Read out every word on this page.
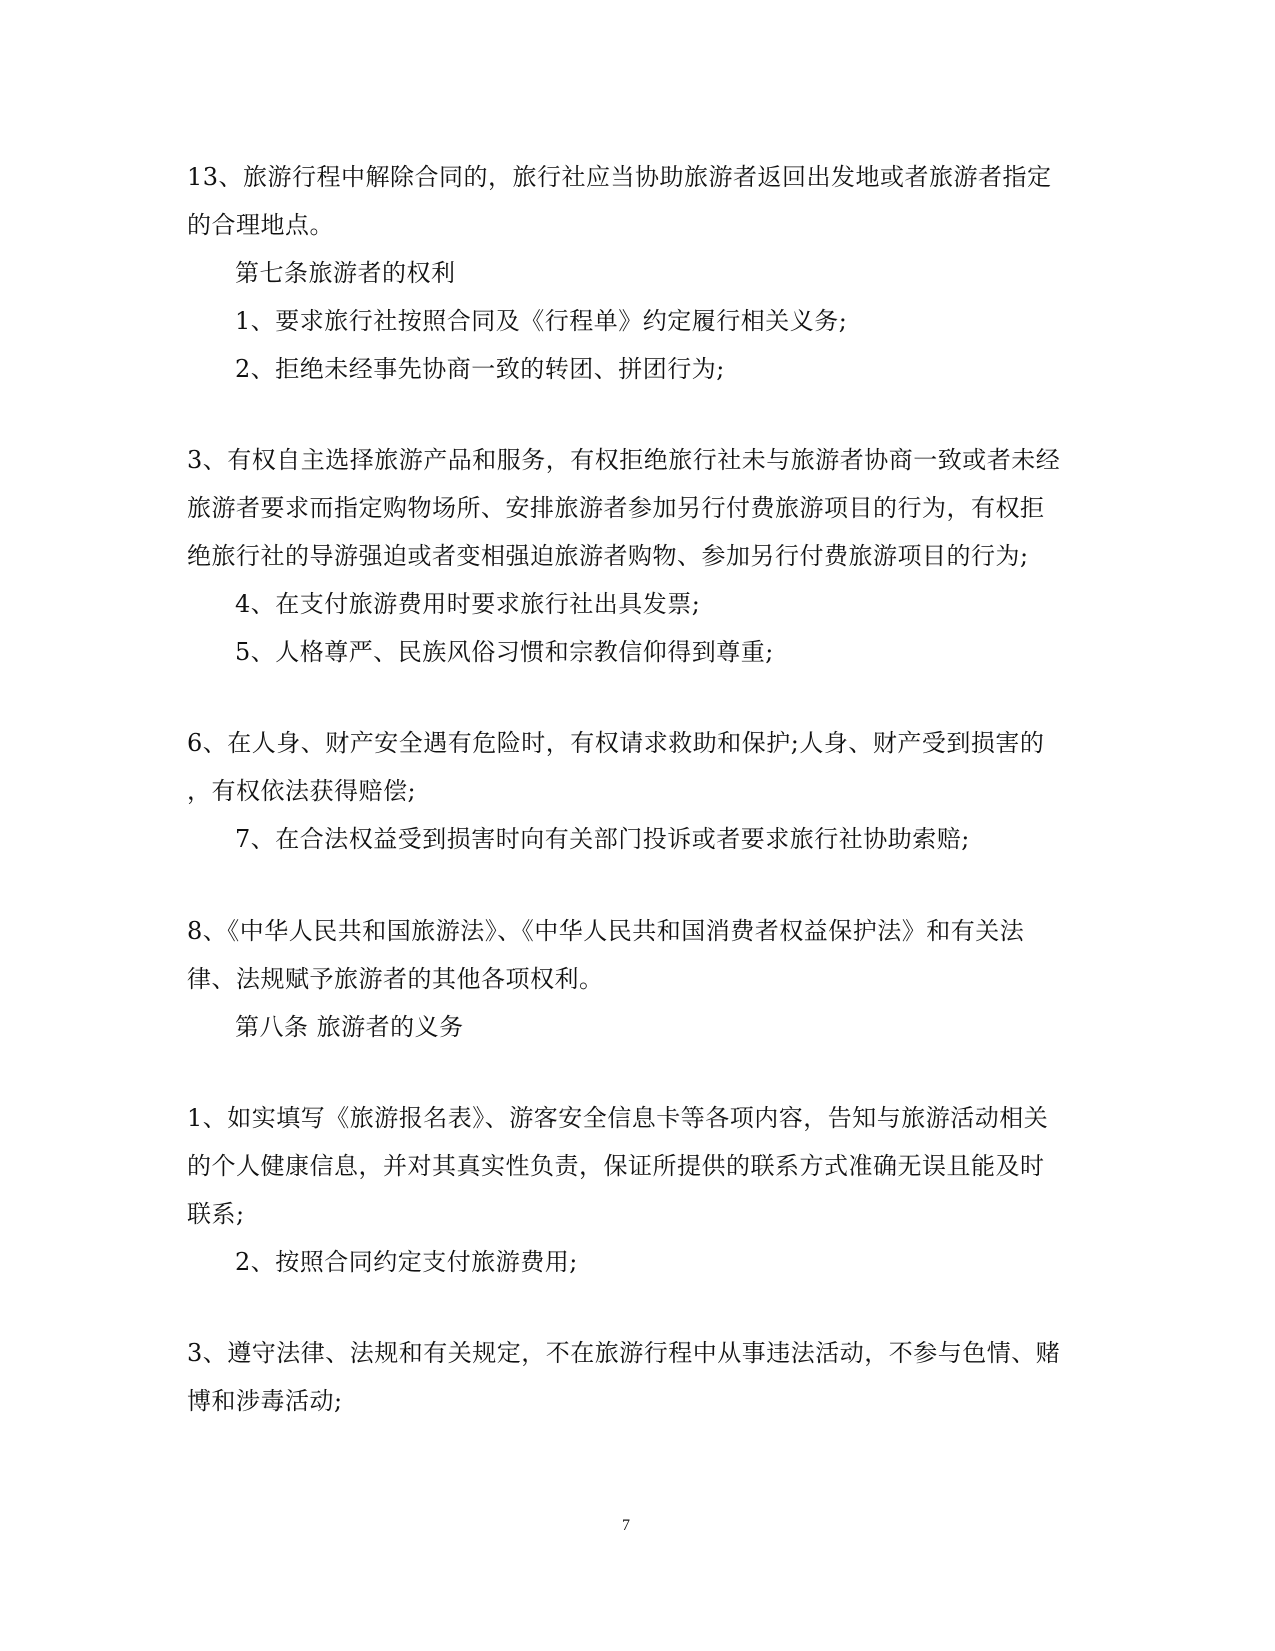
13、旅游行程中解除合同的，旅行社应当协助旅游者返回出发地或者旅游者指定
的合理地点。
第七条旅游者的权利
1、要求旅行社按照合同及《行程单》约定履行相关义务;
2、拒绝未经事先协商一致的转团、拼团行为;
3、有权自主选择旅游产品和服务，有权拒绝旅行社未与旅游者协商一致或者未经
旅游者要求而指定购物场所、安排旅游者参加另行付费旅游项目的行为，有权拒
绝旅行社的导游强迫或者变相强迫旅游者购物、参加另行付费旅游项目的行为;
4、在支付旅游费用时要求旅行社出具发票;
5、人格尊严、民族风俗习惯和宗教信仰得到尊重;
6、在人身、财产安全遇有危险时，有权请求救助和保护;人身、财产受到损害的
，有权依法获得赔偿;
7、在合法权益受到损害时向有关部门投诉或者要求旅行社协助索赔;
8、《中华人民共和国旅游法》、《中华人民共和国消费者权益保护法》和有关法
律、法规赋予旅游者的其他各项权利。
第八条 旅游者的义务
1、如实填写《旅游报名表》、游客安全信息卡等各项内容，告知与旅游活动相关
的个人健康信息，并对其真实性负责，保证所提供的联系方式准确无误且能及时
联系;
2、按照合同约定支付旅游费用;
3、遵守法律、法规和有关规定，不在旅游行程中从事违法活动，不参与色情、赌
博和涉毒活动;
7
